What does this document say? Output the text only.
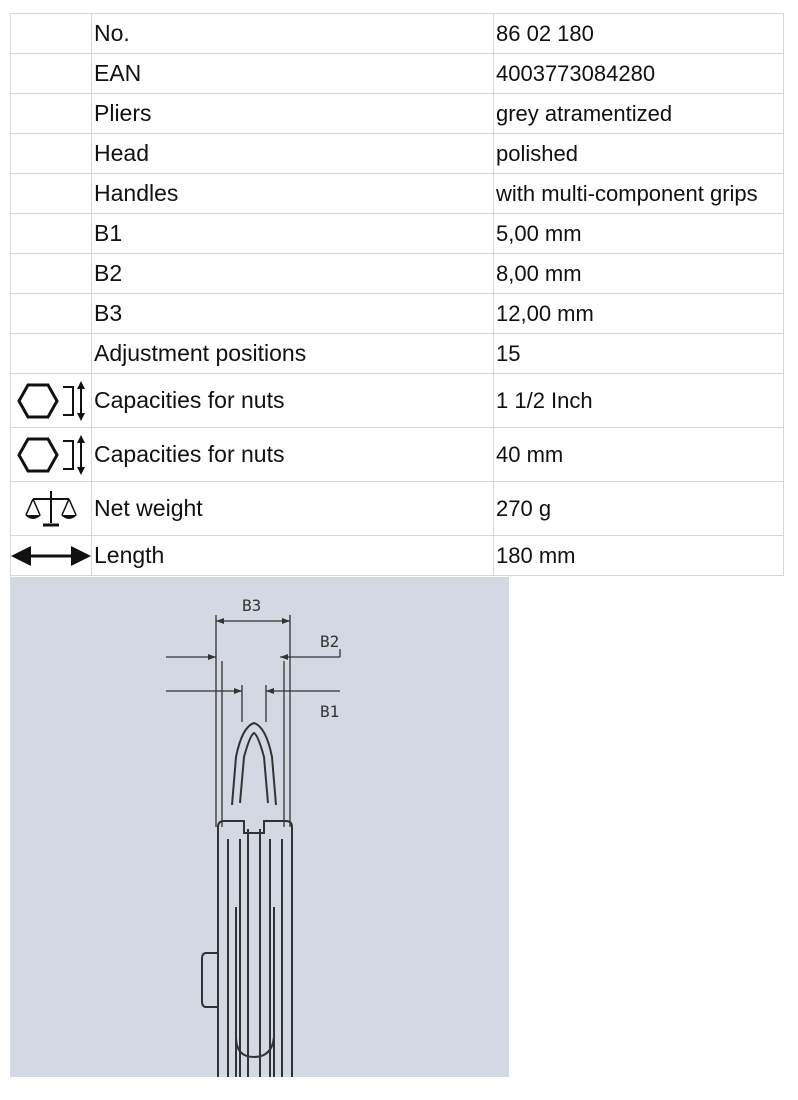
	No.	86 02 180
	EAN	4003773084280
	Pliers	grey atramentized
	Head	polished
	Handles	with multi-component grips
	B1	5,00 mm
	B2	8,00 mm
	B3	12,00 mm
	Adjustment positions	15

	Capacities for nuts	1 1/2 Inch

	Capacities for nuts	40 mm

	Net weight	270 g

	Length	180 mm
B3
B2
B1
